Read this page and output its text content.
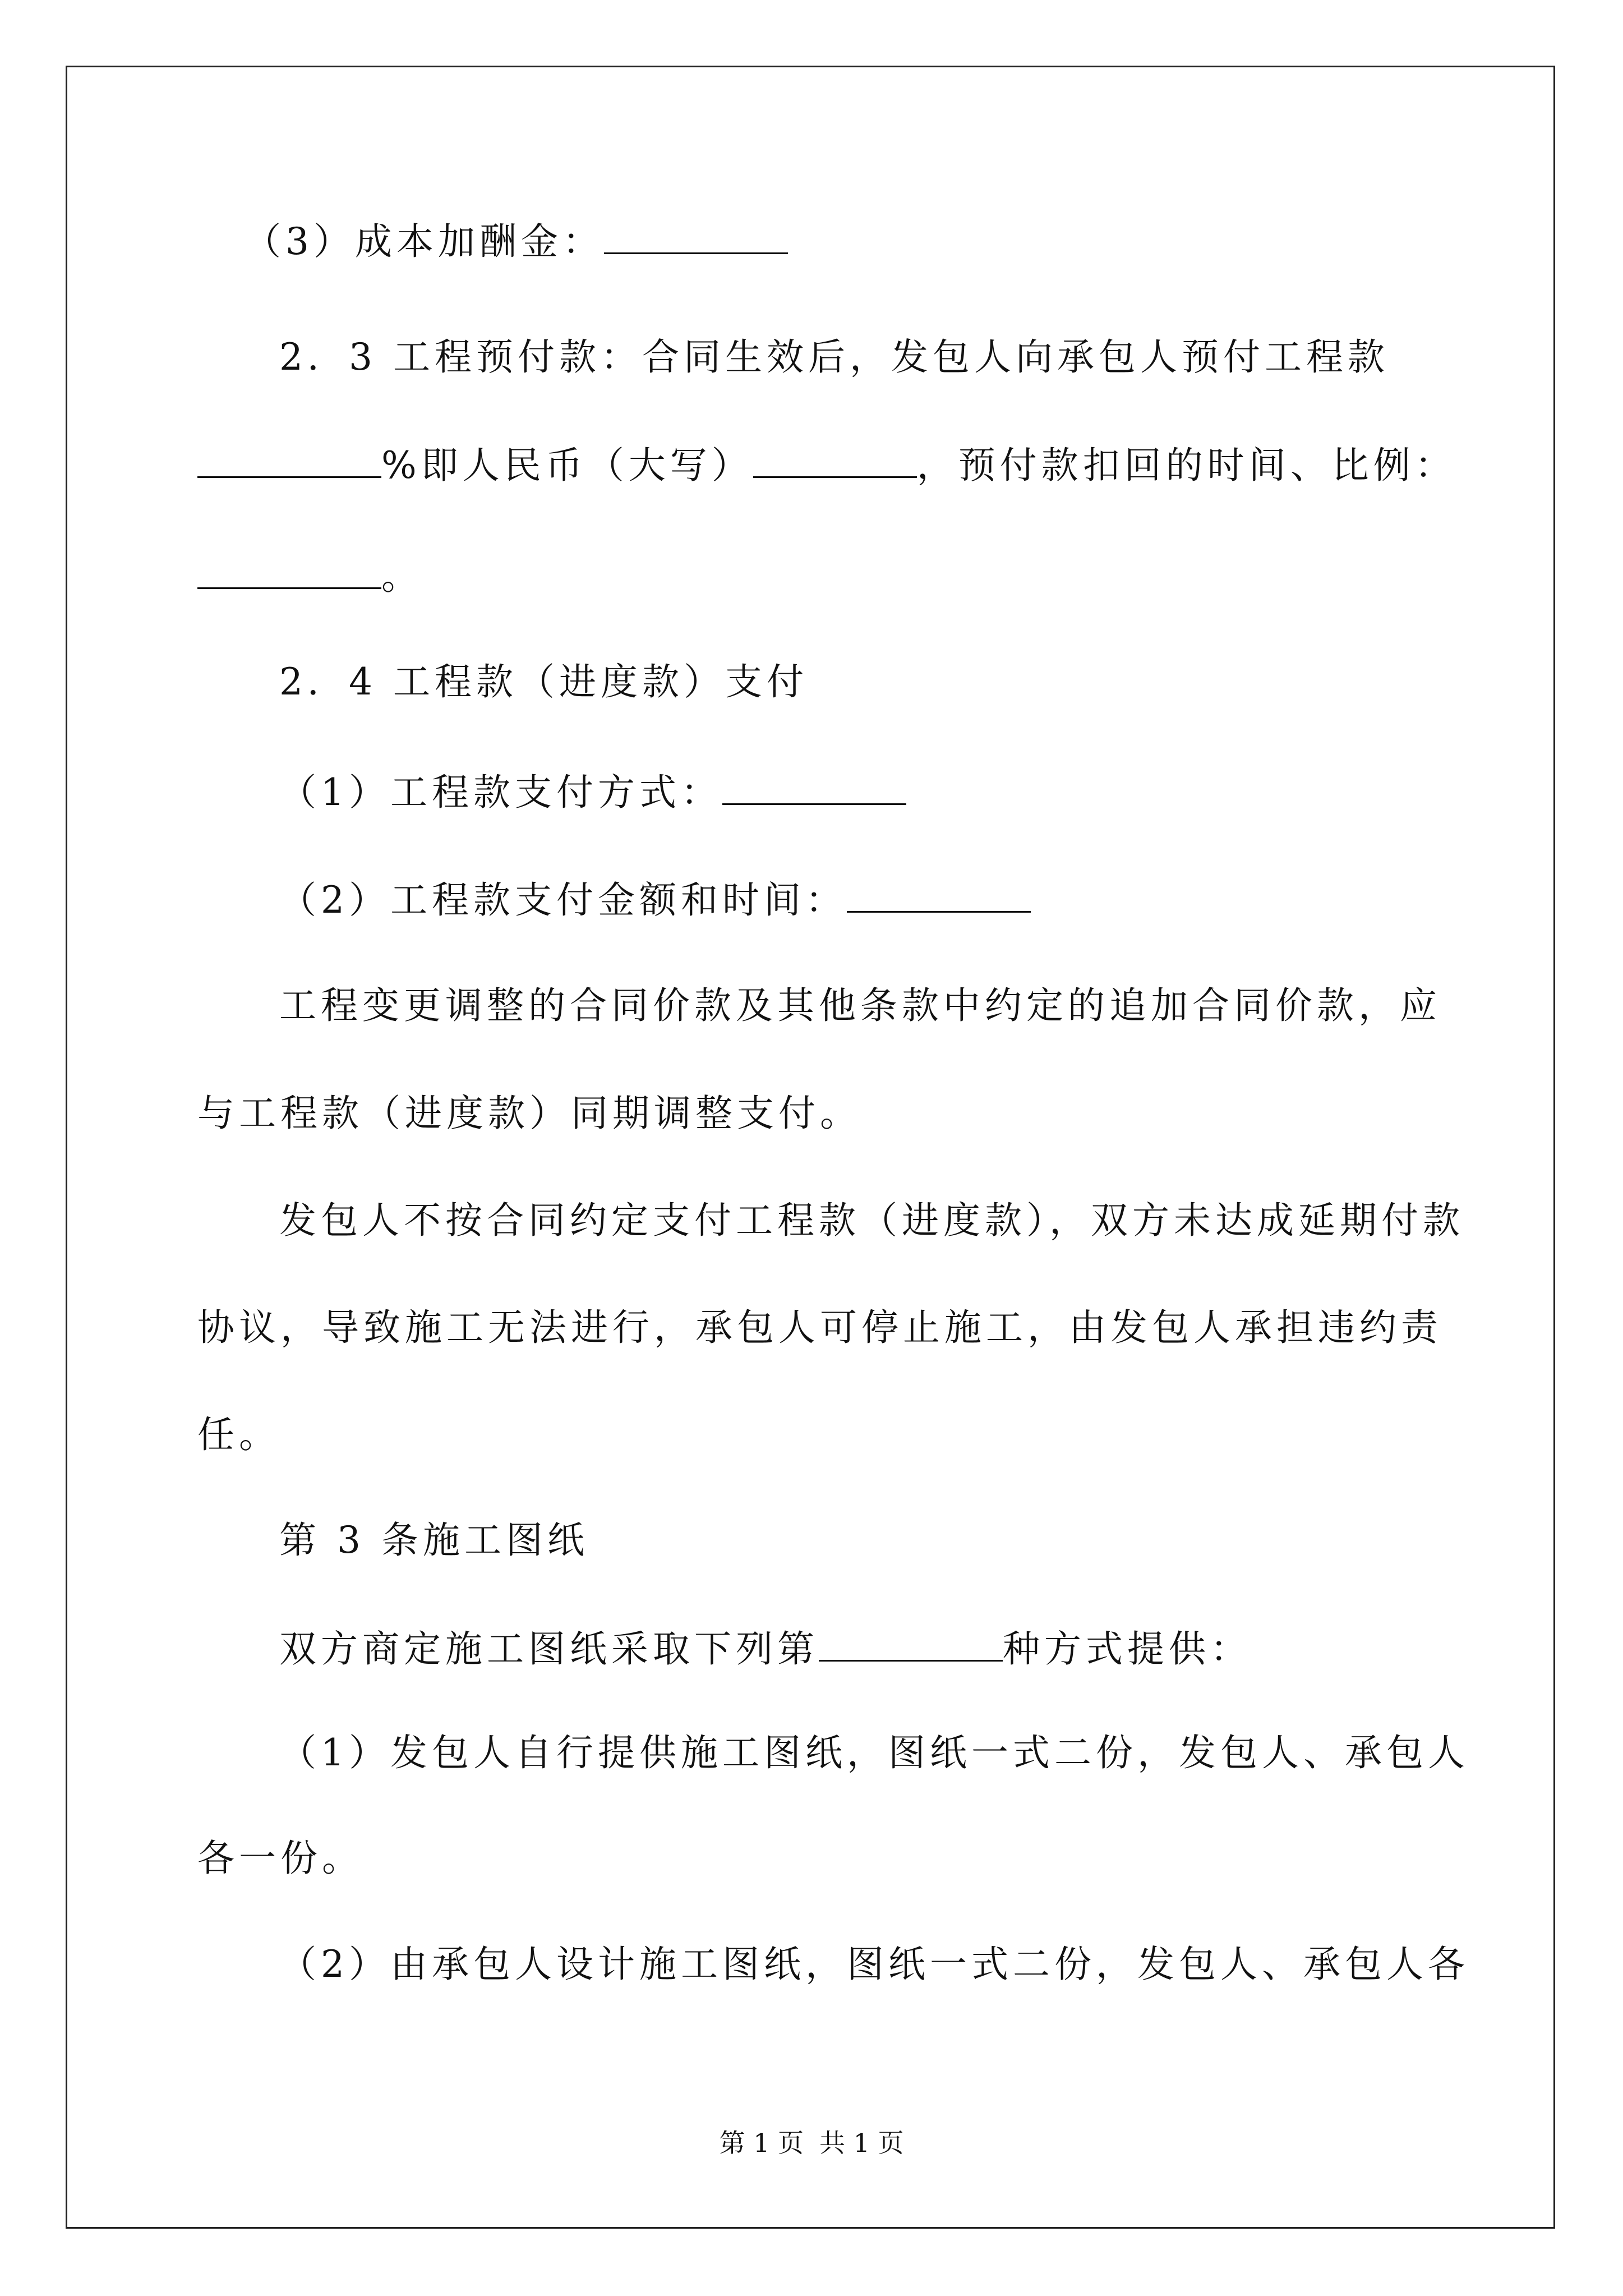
（3）成本加酬金：
2．3 工程预付款：合同生效后，发包人向承包人预付工程款
%即人民币（大写）	，预付款扣回的时间、比例：
。
2．4 工程款（进度款）支付
（1）工程款支付方式：
（2）工程款支付金额和时间：
工程变更调整的合同价款及其他条款中约定的追加合同价款，应
与工程款（进度款）同期调整支付。
发包人不按合同约定支付工程款（进度款），双方未达成延期付款
协议，导致施工无法进行，承包人可停止施工，由发包人承担违约责
任。
第 3 条施工图纸
双方商定施工图纸采取下列第	种方式提供：
（1）发包人自行提供施工图纸，图纸一式二份，发包人、承包人
各一份。
（2）由承包人设计施工图纸，图纸一式二份，发包人、承包人各
第 1 页 共 1 页
